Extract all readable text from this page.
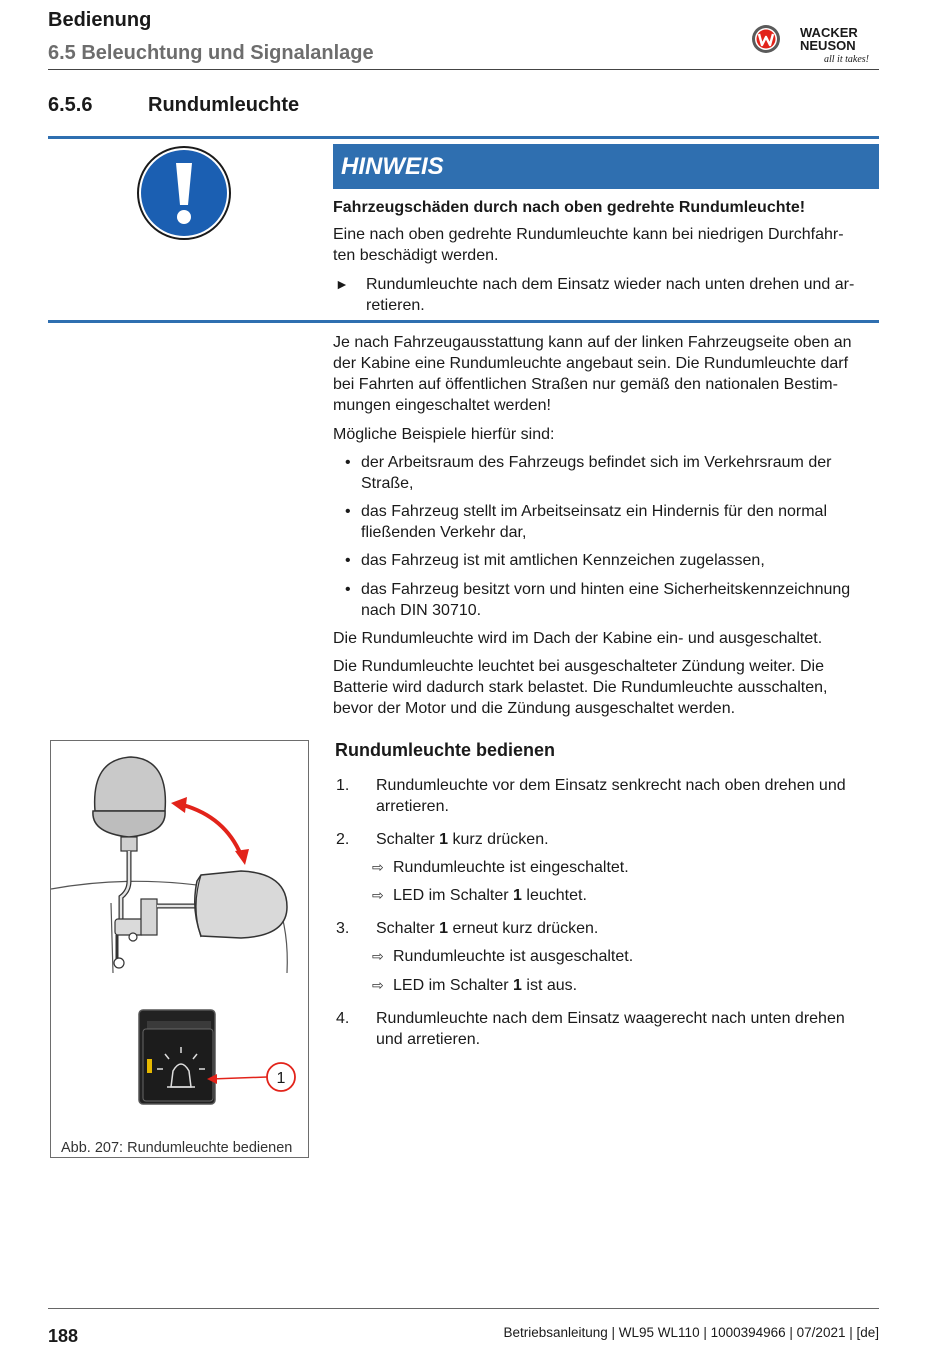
Bedienung
6.5 Beleuchtung und Signalanlage
WACKER
NEUSON
all it takes!
6.5.6	Rundumleuchte
HINWEIS
Fahrzeugschäden durch nach oben gedrehte Rundumleuchte!
Eine nach oben gedrehte Rundumleuchte kann bei niedrigen Durchfahr-
ten beschädigt werden.
► Rundumleuchte nach dem Einsatz wieder nach unten drehen und ar-
retieren.
Je nach Fahrzeugausstattung kann auf der linken Fahrzeugseite oben an
der Kabine eine Rundumleuchte angebaut sein. Die Rundumleuchte darf
bei Fahrten auf öffentlichen Straßen nur gemäß den nationalen Bestim-
mungen eingeschaltet werden!
Mögliche Beispiele hierfür sind:
• der Arbeitsraum des Fahrzeugs befindet sich im Verkehrsraum der
Straße,
• das Fahrzeug stellt im Arbeitseinsatz ein Hindernis für den normal
fließenden Verkehr dar,
• das Fahrzeug ist mit amtlichen Kennzeichen zugelassen,
• das Fahrzeug besitzt vorn und hinten eine Sicherheitskennzeichnung
nach DIN 30710.
Die Rundumleuchte wird im Dach der Kabine ein- und ausgeschaltet.
Die Rundumleuchte leuchtet bei ausgeschalteter Zündung weiter. Die
Batterie wird dadurch stark belastet. Die Rundumleuchte ausschalten,
bevor der Motor und die Zündung ausgeschaltet werden.
1
Abb. 207: Rundumleuchte bedienen
Rundumleuchte bedienen
1. Rundumleuchte vor dem Einsatz senkrecht nach oben drehen und
arretieren.
2. Schalter 1 kurz drücken.
⇨ Rundumleuchte ist eingeschaltet.
⇨ LED im Schalter 1 leuchtet.
3. Schalter 1 erneut kurz drücken.
⇨ Rundumleuchte ist ausgeschaltet.
⇨ LED im Schalter 1 ist aus.
4. Rundumleuchte nach dem Einsatz waagerecht nach unten drehen
und arretieren.
188	Betriebsanleitung | WL95 WL110 | 1000394966 | 07/2021 | [de]
